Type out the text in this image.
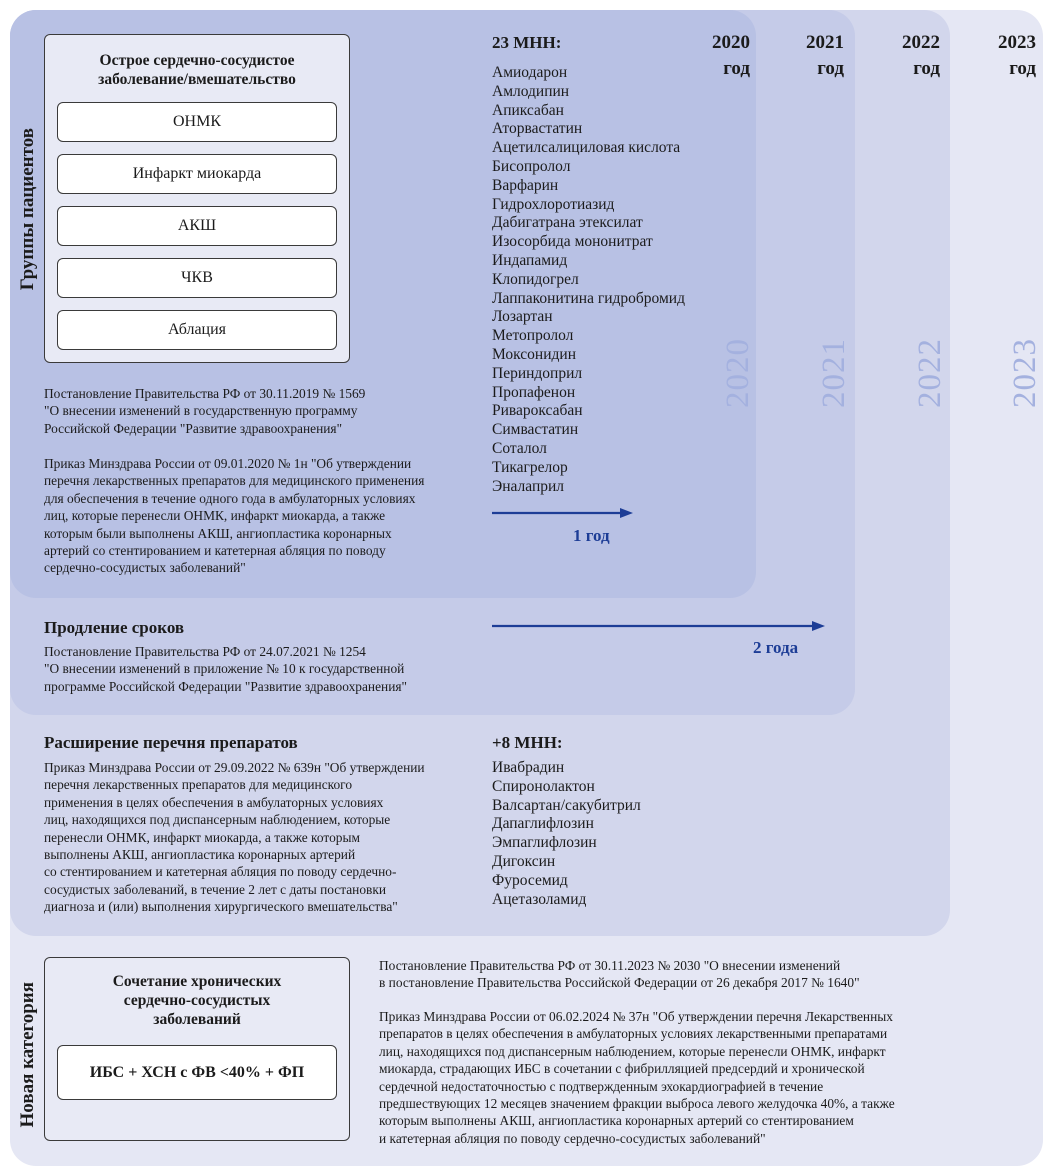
2020 2021 2022 2023
2020
год
2021
год
2022
год
2023
год
Группы пациентов
Новая категория
Острое сердечно-сосудистое
заболевание/вмешательство
ОНМК
Инфаркт миокарда
АКШ
ЧКВ
Аблация
Постановление Правительства РФ от 30.11.2019 № 1569
"О внесении изменений в государственную программу
Российской Федерации "Развитие здравоохранения"
Приказ Минздрава России от 09.01.2020 № 1н "Об утверждении
перечня лекарственных препаратов для медицинского применения
для обеспечения в течение одного года в амбулаторных условиях
лиц, которые перенесли ОНМК, инфаркт миокарда, а также
которым были выполнены АКШ, ангиопластика коронарных
артерий со стентированием и катетерная абляция по поводу
сердечно-сосудистых заболеваний"
23 МНН:
Амиодарон
Амлодипин
Апиксабан
Аторвастатин
Ацетилсалициловая кислота
Бисопролол
Варфарин
Гидрохлоротиазид
Дабигатрана этексилат
Изосорбида мононитрат
Индапамид
Клопидогрел
Лаппаконитина гидробромид
Лозартан
Метопролол
Моксонидин
Периндоприл
Пропафенон
Ривароксабан
Симвастатин
Соталол
Тикагрелор
Эналаприл
1 год
Продление сроков
Постановление Правительства РФ от 24.07.2021 № 1254
"О внесении изменений в приложение № 10 к государственной
программе Российской Федерации "Развитие здравоохранения"
2 года
Расширение перечня препаратов
Приказ Минздрава России от 29.09.2022 № 639н "Об утверждении
перечня лекарственных препаратов для медицинского
применения в целях обеспечения в амбулаторных условиях
лиц, находящихся под диспансерным наблюдением, которые
перенесли ОНМК, инфаркт миокарда, а также которым
выполнены АКШ, ангиопластика коронарных артерий
со стентированием и катетерная абляция по поводу сердечно-
сосудистых заболеваний, в течение 2 лет с даты постановки
диагноза и (или) выполнения хирургического вмешательства"
+8 МНН:
Ивабрадин
Спиронолактон
Валсартан/сакубитрил
Дапаглифлозин
Эмпаглифлозин
Дигоксин
Фуросемид
Ацетазоламид
Сочетание хронических
сердечно-сосудистых
заболеваний
ИБС + ХСН с ФВ <40% + ФП
Постановление Правительства РФ от 30.11.2023 № 2030 "О внесении изменений
в постановление Правительства Российской Федерации от 26 декабря 2017 № 1640"
Приказ Минздрава России от 06.02.2024 № 37н "Об утверждении перечня Лекарственных
препаратов в целях обеспечения в амбулаторных условиях лекарственными препаратами
лиц, находящихся под диспансерным наблюдением, которые перенесли ОНМК, инфаркт
миокарда, страдающих ИБС в сочетании с фибрилляцией предсердий и хронической
сердечной недостаточностью с подтвержденным эхокардиографией в течение
предшествующих 12 месяцев значением фракции выброса левого желудочка 40%, а также
которым выполнены АКШ, ангиопластика коронарных артерий со стентированием
и катетерная абляция по поводу сердечно-сосудистых заболеваний"
